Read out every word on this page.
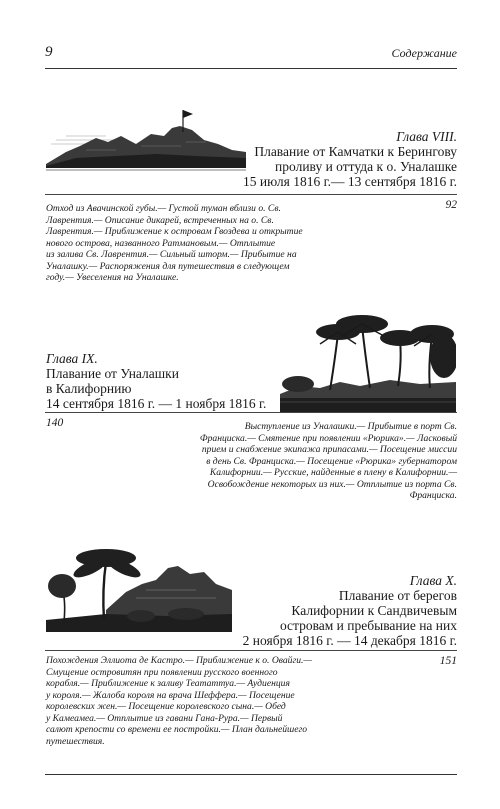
9	Содержание
Глава VIII.
Плавание от Камчатки к Берингову
проливу и оттуда к о. Уналашке
15 июля 1816 г.— 13 сентября 1816 г.
92
Отход из Авачинской губы.— Густой туман вблизи о. Св.
Лаврентия.— Описание дикарей, встреченных на о. Св.
Лаврентия.— Приближение к островам Гвоздева и открытие
нового острова, названного Ратмановым.— Отплытие
из залива Св. Лаврентия.— Сильный шторм.— Прибытие на
Уналашку.— Распоряжения для путешествия в следующем
году.— Увеселения на Уналашке.
Глава IX.
Плавание от Уналашки
в Калифорнию
14 сентября 1816 г. — 1 ноября 1816 г.
140	Выступление из Уналашки.— Прибытие в порт Св.
Франциска.— Смятение при появлении «Рюрика».— Ласковый
прием и снабжение экипажа припасами.— Посещение миссии
в день Св. Франциска.— Посещение «Рюрика» губернатором
Калифорнии.— Русские, найденные в плену в Калифорнии.—
Освобождение некоторых из них.— Отплытие из порта Св.
Франциска.
Глава X.
Плавание от берегов
Калифорнии к Сандвичевым
островам и пребывание на них
2 ноября 1816 г. — 14 декабря 1816 г.
151
Похождения Эллиота де Кастро.— Приближение к о. Овайги.—
Смущение островитян при появлении русского военного
корабля.— Приближение к заливу Теататтуа.— Аудиенция
у короля.— Жалоба короля на врача Шеффера.— Посещение
королевских жен.— Посещение королевского сына.— Обед
у Камеамеа.— Отплытие из гавани Гана-Рура.— Первый
салют крепости со времени ее постройки.— План дальнейшего
путешествия.
